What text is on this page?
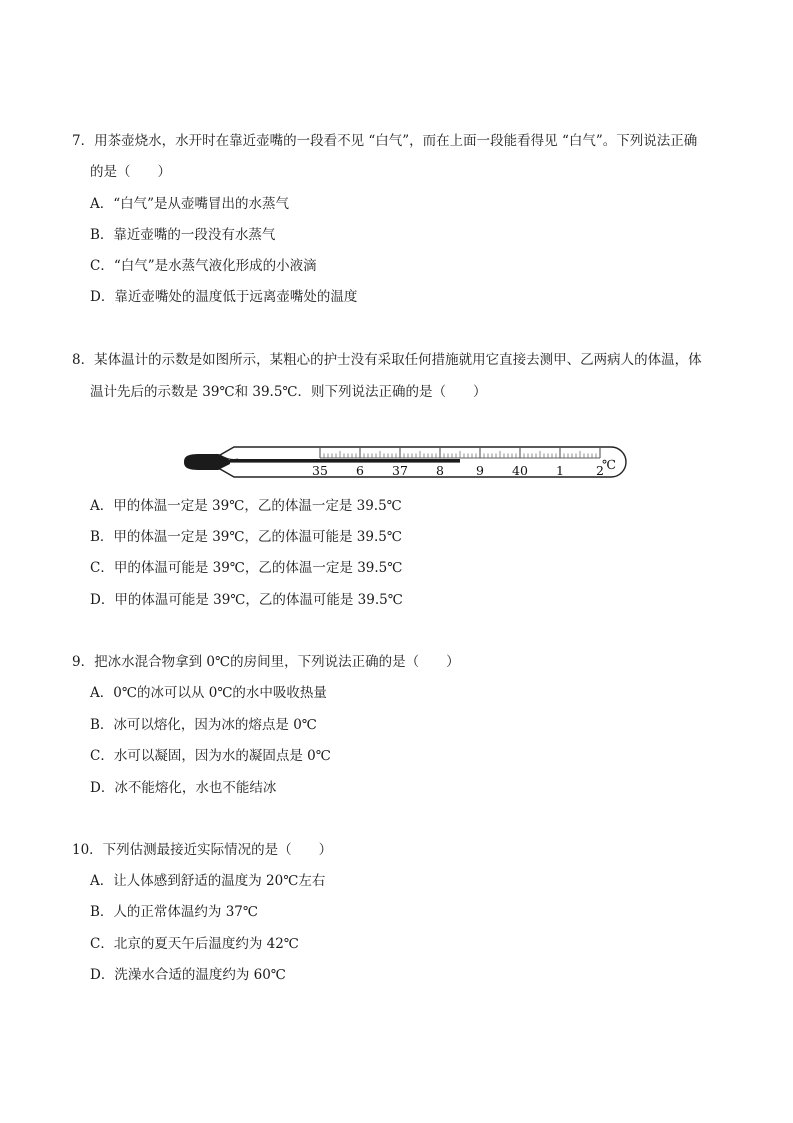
7．用茶壶烧水，水开时在靠近壶嘴的一段看不见 “白气”，而在上面一段能看得见 “白气”。下列说法正确
的是（　　）
A．“白气”是从壶嘴冒出的水蒸气
B．靠近壶嘴的一段没有水蒸气
C．“白气”是水蒸气液化形成的小液滴
D．靠近壶嘴处的温度低于远离壶嘴处的温度
8．某体温计的示数是如图所示，某粗心的护士没有采取任何措施就用它直接去测甲、乙两病人的体温，体
温计先后的示数是 39℃和 39.5℃．则下列说法正确的是（　　）
A．甲的体温一定是 39℃，乙的体温一定是 39.5℃
B．甲的体温一定是 39℃，乙的体温可能是 39.5℃
C．甲的体温可能是 39℃，乙的体温一定是 39.5℃
D．甲的体温可能是 39℃，乙的体温可能是 39.5℃
35 6 37 8	9 40 1	2
℃
9．把冰水混合物拿到 0℃的房间里，下列说法正确的是（　　）
A．0℃的冰可以从 0℃的水中吸收热量
B．冰可以熔化，因为冰的熔点是 0℃
C．水可以凝固，因为水的凝固点是 0℃
D．冰不能熔化，水也不能结冰
10．下列估测最接近实际情况的是（　　）
A．让人体感到舒适的温度为 20℃左右
B．人的正常体温约为 37℃
C．北京的夏天午后温度约为 42℃
D．洗澡水合适的温度约为 60℃
